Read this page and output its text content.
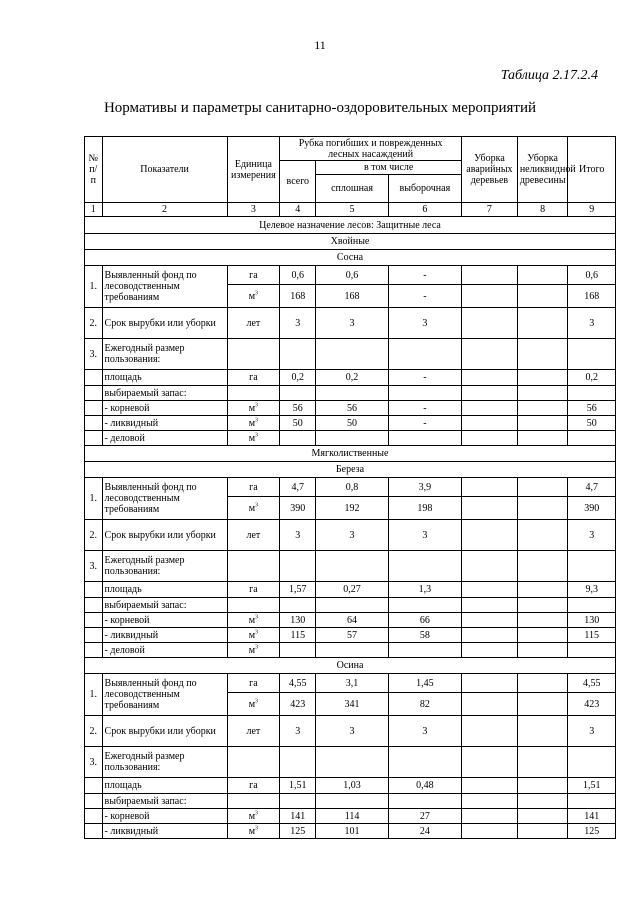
11
Таблица 2.17.2.4
Нормативы и параметры санитарно-оздоровительных мероприятий
№ п/п	Показатели	Единица измерения	Рубка погибших и поврежденных лесных насаждений			Уборка аварийных деревьев	Уборка неликвидной древесины	Итого
			всего	в том числе				
				сплошная	выборочная			
1	2	3	4	5	6	7	8	9
Целевое назначение лесов: Защитные леса								
Хвойные								
Сосна								
1.	Выявленный фонд по лесоводственным требованиям	га	0,6	0,6	-			0,6
		$м^3$	168	168	-			168
2.	Срок вырубки или уборки	лет	3	3	3			3
3.	Ежегодный размер пользования:							
	площадь	га	0,2	0,2	-			0,2
	выбираемый запас:							
	- корневой	$м^3$	56	56	-			56
	- ликвидный	$м^3$	50	50	-			50
	- деловой	$м^3$						
Мягколиственные								
Береза								
1.	Выявленный фонд по лесоводственным требованиям	га	4,7	0,8	3,9			4,7
		$м^3$	390	192	198			390
2.	Срок вырубки или уборки	лет	3	3	3			3
3.	Ежегодный размер пользования:							
	площадь	га	1,57	0,27	1,3			9,3
	выбираемый запас:							
	- корневой	$м^3$	130	64	66			130
	- ликвидный	$м^3$	115	57	58			115
	- деловой	$м^3$						
Осина								
1.	Выявленный фонд по лесоводственным требованиям	га	4,55	3,1	1,45			4,55
		$м^3$	423	341	82			423
2.	Срок вырубки или уборки	лет	3	3	3			3
3.	Ежегодный размер пользования:							
	площадь	га	1,51	1,03	0,48			1,51
	выбираемый запас:							
	- корневой	$м^3$	141	114	27			141
	- ликвидный	$м^3$	125	101	24			125
